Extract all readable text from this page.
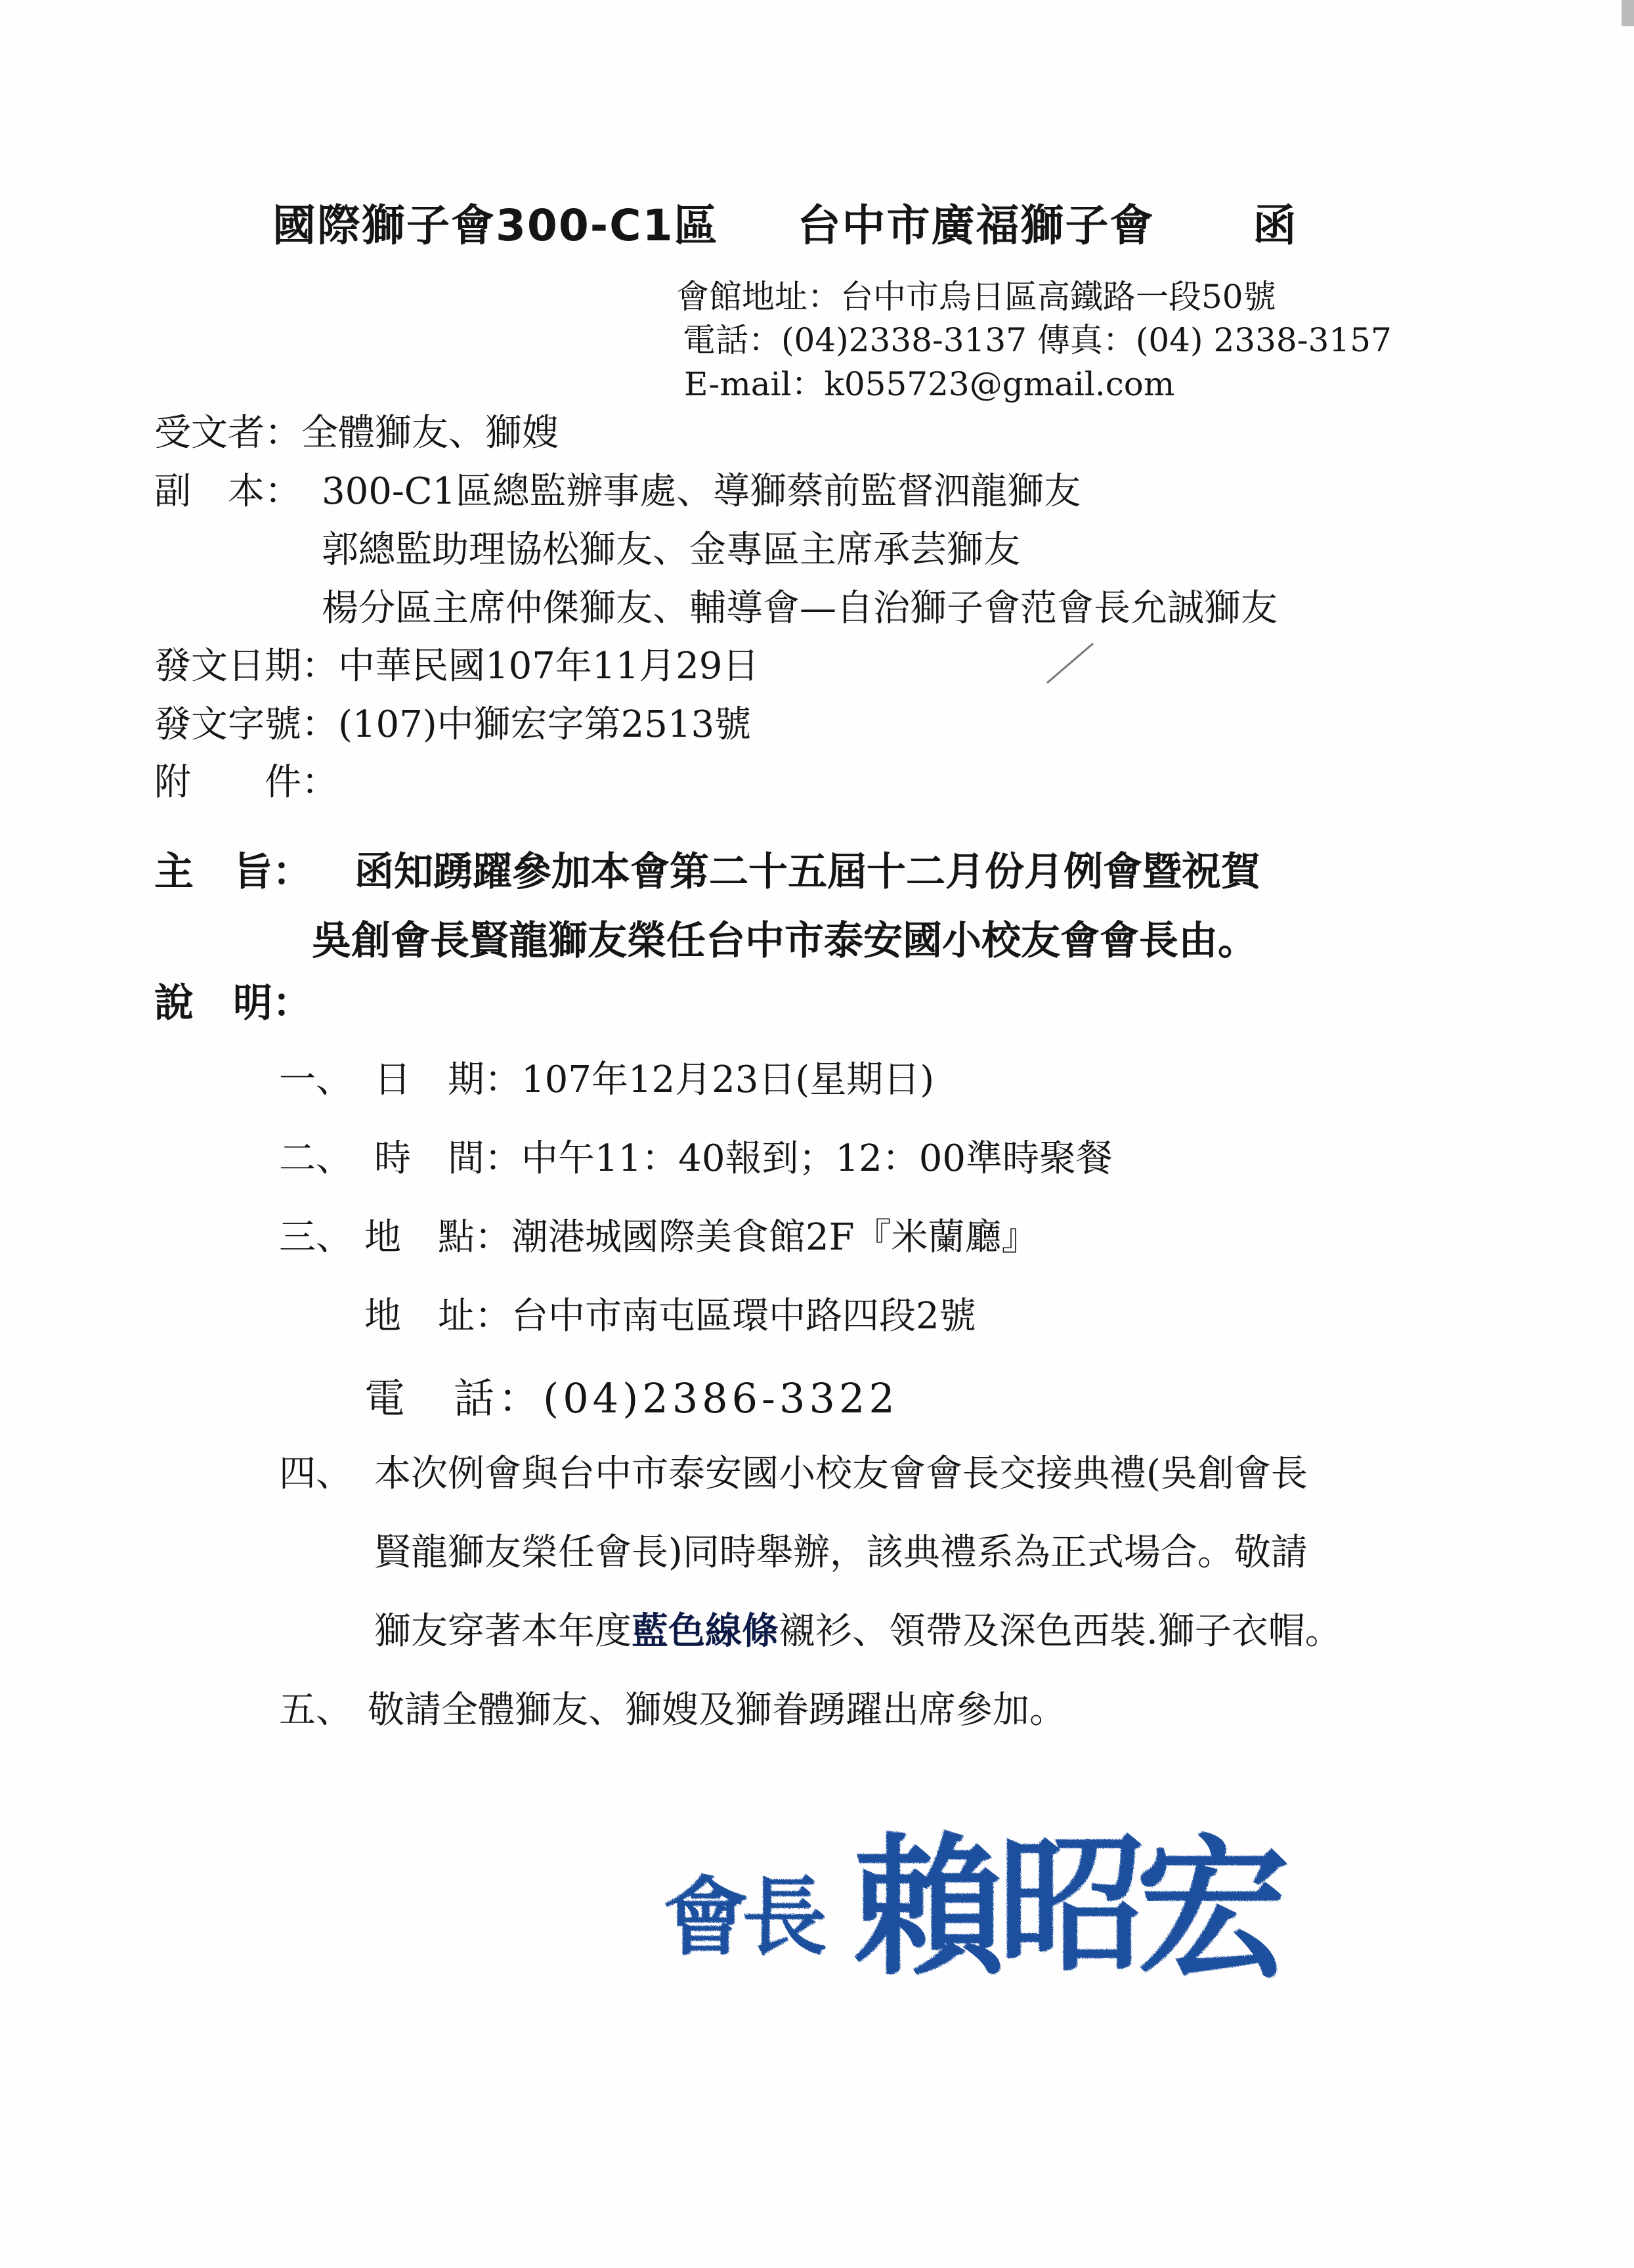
國際獅子會300-C1區 台中市廣福獅子會 函
會館地址：台中市烏日區高鐵路一段50號
電話：(04)2338-3137 傳真：(04) 2338-3157
E-mail：k055723@gmail.com
受文者：全體獅友、獅嫂
副　本： 300-C1區總監辦事處、導獅蔡前監督泗龍獅友
郭總監助理協松獅友、金專區主席承芸獅友
楊分區主席仲傑獅友、輔導會—自治獅子會范會長允誠獅友
發文日期：中華民國107年11月29日
發文字號：(107)中獅宏字第2513號
附　　件：
主　旨： 函知踴躍參加本會第二十五屆十二月份月例會暨祝賀
吳創會長賢龍獅友榮任台中市泰安國小校友會會長由。
說　明：
一、 日　期：107年12月23日(星期日)
二、 時　間：中午11：40報到；12：00準時聚餐
三、 地　點：潮港城國際美食館2F『米蘭廳』
地　址：台中市南屯區環中路四段2號
電　話：(04)2386-3322
四、 本次例會與台中市泰安國小校友會會長交接典禮(吳創會長
賢龍獅友榮任會長)同時舉辦，該典禮系為正式場合。敬請
獅友穿著本年度藍色線條襯衫、領帶及深色西裝.獅子衣帽。
五、 敬請全體獅友、獅嫂及獅眷踴躍出席參加。
會
長 賴
昭
宏
